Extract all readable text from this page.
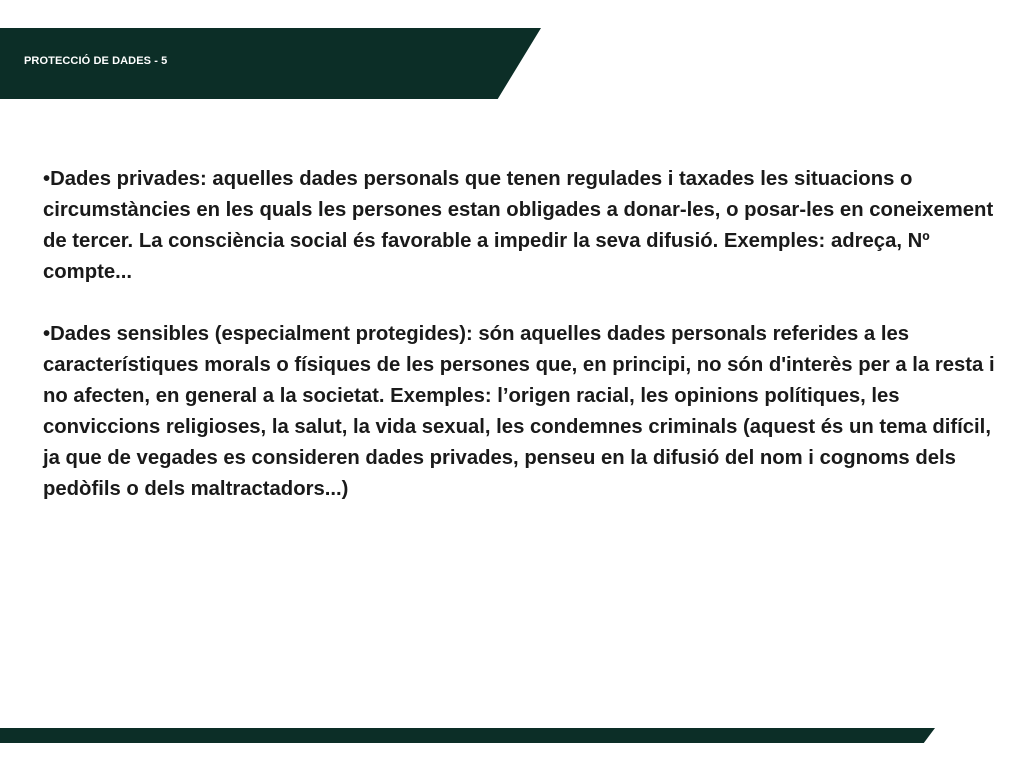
PROTECCIÓ DE DADES - 5

•Dades privades: aquelles dades personals que tenen regulades i taxades les situacions o circumstàncies en les quals les persones estan obligades a donar-les, o posar-les en coneixement de tercer. La consciència social és favorable a impedir la seva difusió. Exemples: adreça, Nº compte...

•Dades sensibles (especialment protegides): són aquelles dades personals referides a les característiques morals o físiques de les persones que, en principi, no són d'interès per a la resta i no afecten, en general a la societat. Exemples: l’origen racial, les opinions polítiques, les conviccions religioses, la salut, la vida sexual, les condemnes criminals (aquest és un tema difícil, ja que de vegades es consideren dades privades, penseu en la difusió del nom i cognoms dels pedòfils o dels maltractadors...)
